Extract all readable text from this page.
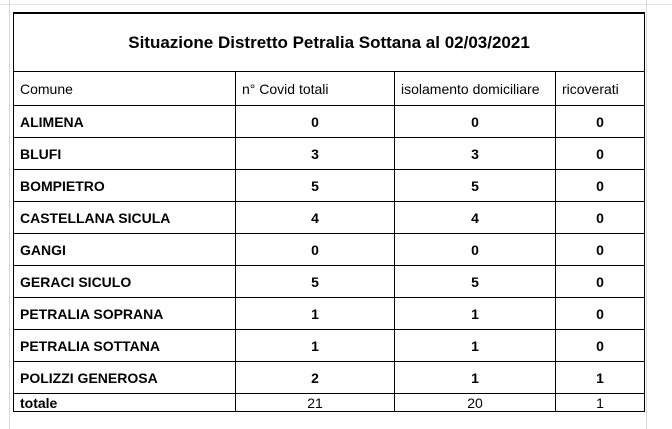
Situazione Distretto Petralia Sottana al 02/03/2021			
Comune	n° Covid totali	isolamento domiciliare	ricoverati
ALIMENA	0	0	0
BLUFI	3	3	0
BOMPIETRO	5	5	0
CASTELLANA SICULA	4	4	0
GANGI	0	0	0
GERACI SICULO	5	5	0
PETRALIA SOPRANA	1	1	0
PETRALIA SOTTANA	1	1	0
POLIZZI GENEROSA	2	1	1
totale	21	20	1
